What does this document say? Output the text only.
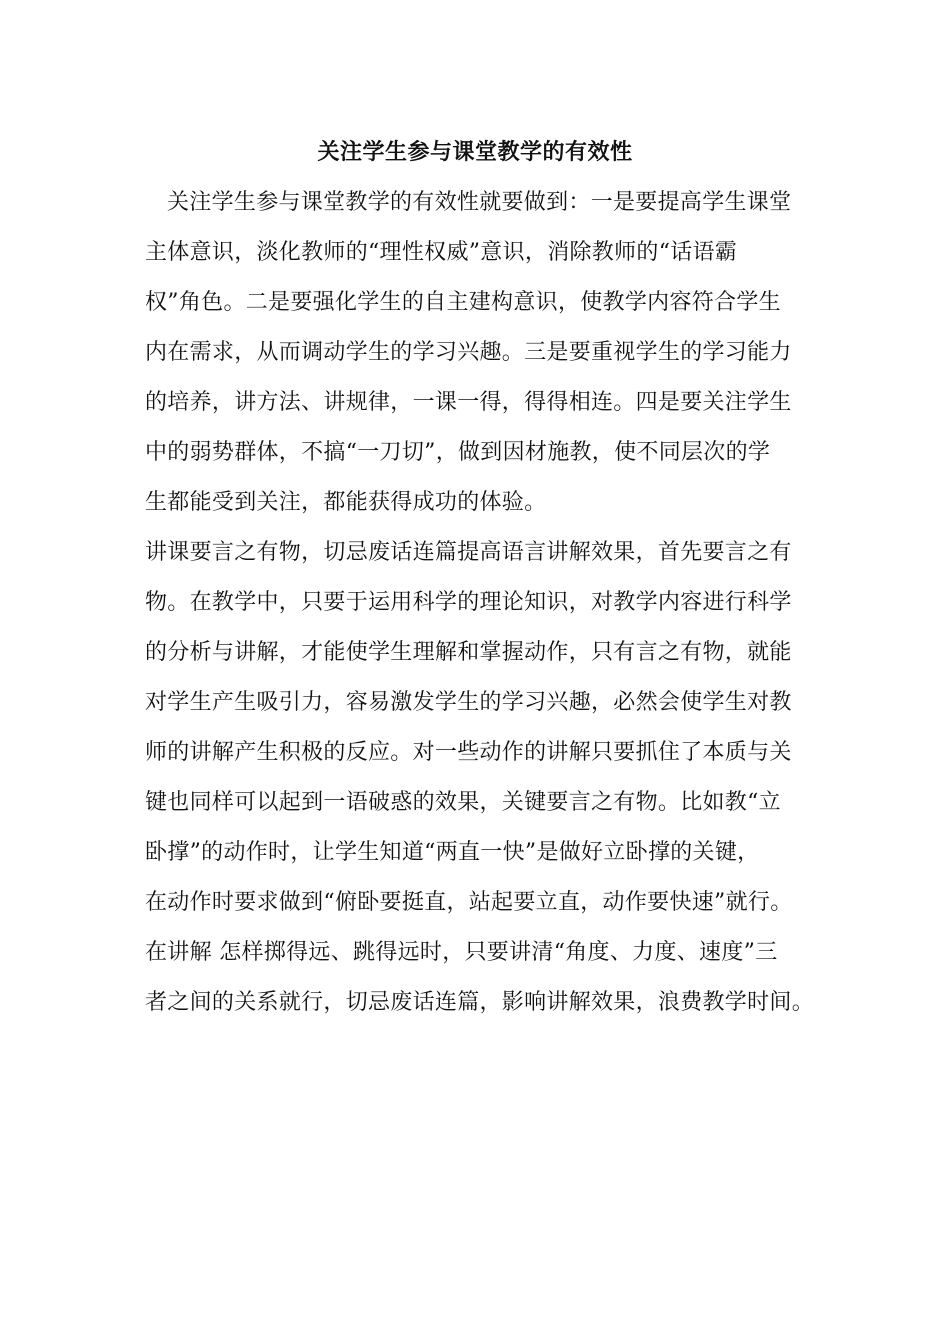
关注学生参与课堂教学的有效性
关注学生参与课堂教学的有效性就要做到：一是要提高学生课堂
主体意识，淡化教师的“理性权威”意识，消除教师的“话语霸
权”角色。二是要强化学生的自主建构意识，使教学内容符合学生
内在需求，从而调动学生的学习兴趣。三是要重视学生的学习能力
的培养，讲方法、讲规律，一课一得，得得相连。四是要关注学生
中的弱势群体，不搞“一刀切”，做到因材施教，使不同层次的学
生都能受到关注，都能获得成功的体验。
讲课要言之有物，切忌废话连篇提高语言讲解效果，首先要言之有
物。在教学中，只要于运用科学的理论知识，对教学内容进行科学
的分析与讲解，才能使学生理解和掌握动作，只有言之有物，就能
对学生产生吸引力，容易激发学生的学习兴趣，必然会使学生对教
师的讲解产生积极的反应。对一些动作的讲解只要抓住了本质与关
键也同样可以起到一语破惑的效果，关键要言之有物。比如教“立
卧撑”的动作时，让学生知道“两直一快”是做好立卧撑的关键，
在动作时要求做到“俯卧要挺直，站起要立直，动作要快速”就行。
在讲解 怎样掷得远、跳得远时，只要讲清“角度、力度、速度”三
者之间的关系就行，切忌废话连篇，影响讲解效果，浪费教学时间。
